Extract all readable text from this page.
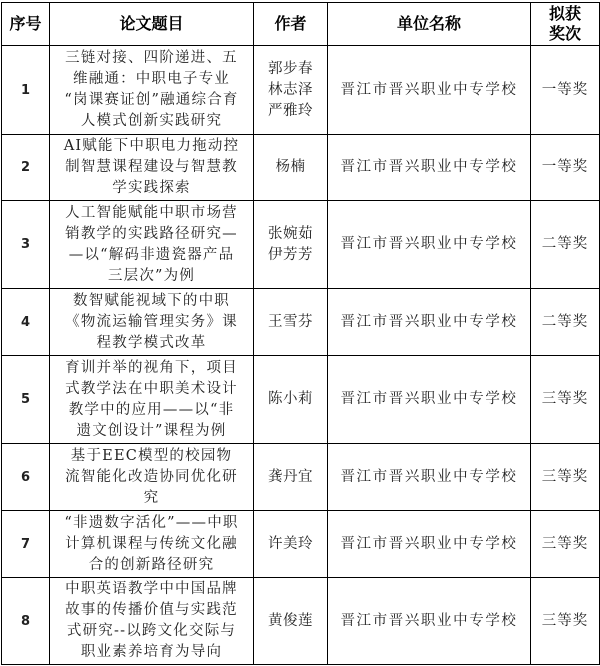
序号	论文题目	作者	单位名称	拟获
奖次

1	三链对接、四阶递进、五
维融通：中职电子专业
“岗课赛证创”融通综合育
人模式创新实践研究	郭步春
林志泽
严雅玲	晋江市晋兴职业中专学校	一等奖
2	AI赋能下中职电力拖动控
制智慧课程建设与智慧教
学实践探索	杨楠	晋江市晋兴职业中专学校	一等奖
3	人工智能赋能中职市场营
销教学的实践路径研究—
—以“解码非遗瓷器产品
三层次”为例	张婉茹
伊芳芳	晋江市晋兴职业中专学校	二等奖
4	数智赋能视域下的中职
《物流运输管理实务》课
程教学模式改革	王雪芬	晋江市晋兴职业中专学校	二等奖
5	育训并举的视角下，项目
式教学法在中职美术设计
教学中的应用——以“非
遗文创设计”课程为例	陈小莉	晋江市晋兴职业中专学校	三等奖
6	基于EEC模型的校园物
流智能化改造协同优化研
究	龚丹宜	晋江市晋兴职业中专学校	三等奖
7	“非遗数字活化”——中职
计算机课程与传统文化融
合的创新路径研究	许美玲	晋江市晋兴职业中专学校	三等奖
8	中职英语教学中中国品牌
故事的传播价值与实践范
式研究--以跨文化交际与
职业素养培育为导向	黄俊莲	晋江市晋兴职业中专学校	三等奖
